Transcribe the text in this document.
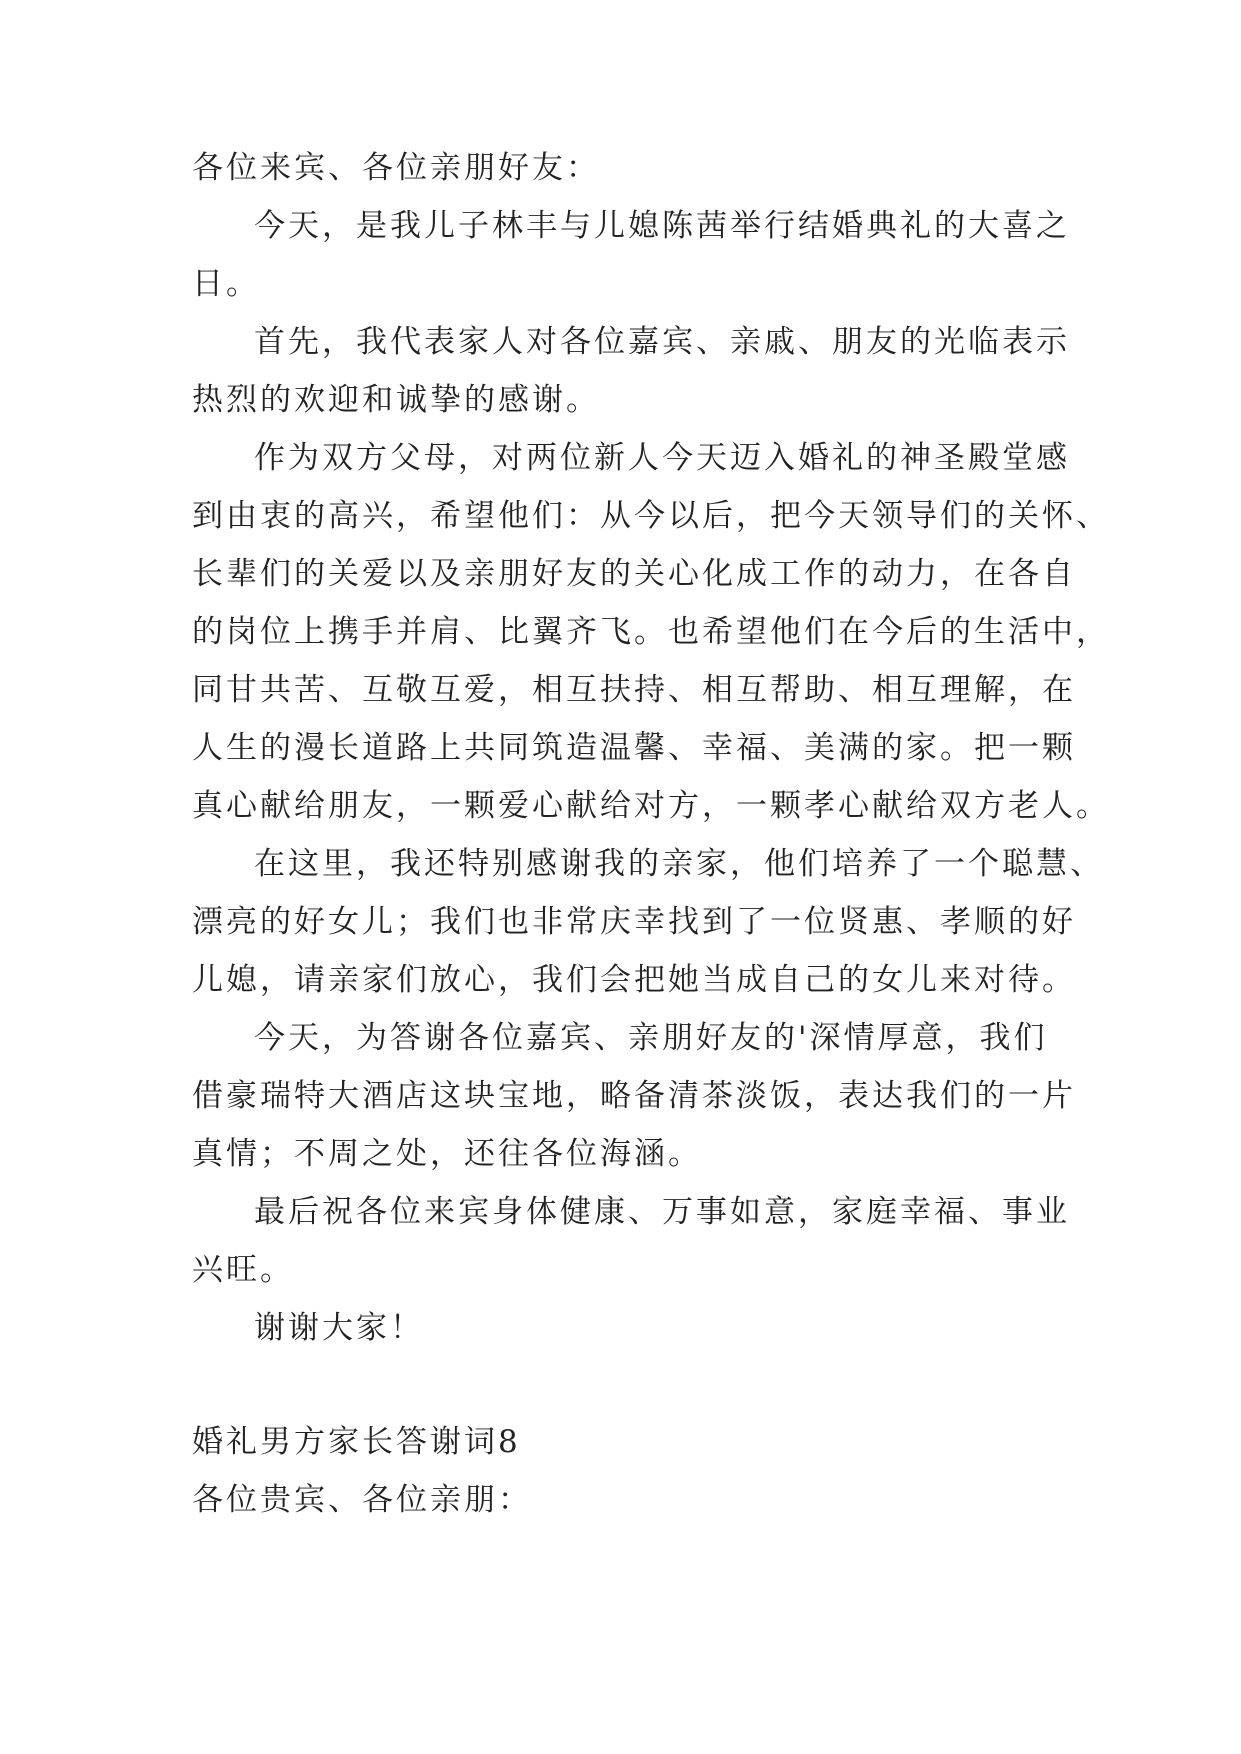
各位来宾、各位亲朋好友：
今天，是我儿子林丰与儿媳陈茜举行结婚典礼的大喜之
日。
首先，我代表家人对各位嘉宾、亲戚、朋友的光临表示
热烈的欢迎和诚挚的感谢。
作为双方父母，对两位新人今天迈入婚礼的神圣殿堂感
到由衷的高兴，希望他们：从今以后，把今天领导们的关怀、
长辈们的关爱以及亲朋好友的关心化成工作的动力，在各自
的岗位上携手并肩、比翼齐飞。也希望他们在今后的生活中，
同甘共苦、互敬互爱，相互扶持、相互帮助、相互理解，在
人生的漫长道路上共同筑造温馨、幸福、美满的家。把一颗
真心献给朋友，一颗爱心献给对方，一颗孝心献给双方老人。
在这里，我还特别感谢我的亲家，他们培养了一个聪慧、
漂亮的好女儿；我们也非常庆幸找到了一位贤惠、孝顺的好
儿媳，请亲家们放心，我们会把她当成自己的女儿来对待。
今天，为答谢各位嘉宾、亲朋好友的'深情厚意，我们
借豪瑞特大酒店这块宝地，略备清茶淡饭，表达我们的一片
真情；不周之处，还往各位海涵。
最后祝各位来宾身体健康、万事如意，家庭幸福、事业
兴旺。
谢谢大家！
婚礼男方家长答谢词8
各位贵宾、各位亲朋：
